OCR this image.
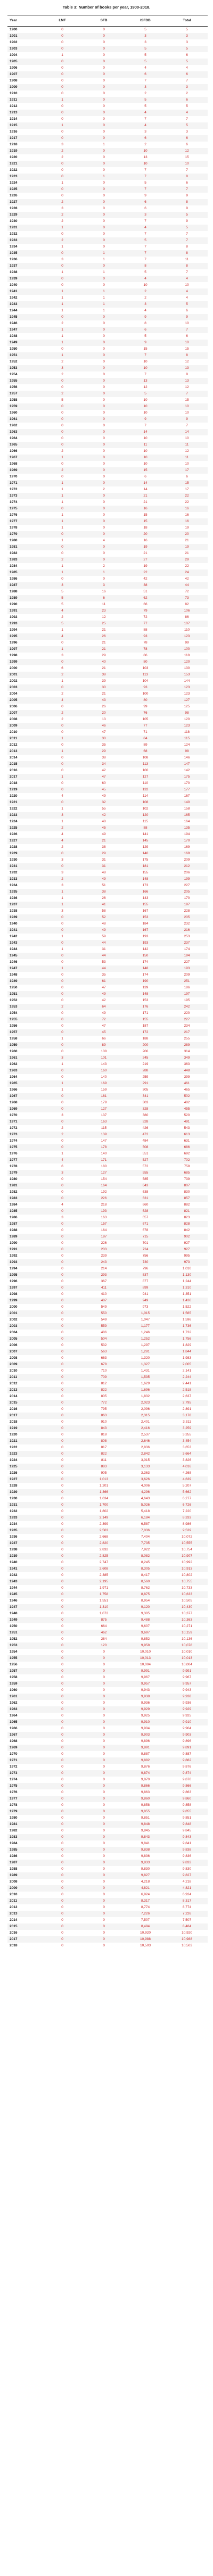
Table 3: Number of books per year, 1900-2018.
Year	LMF	SFB	ISFDB	Total
1900	0	0	5	5
1901	0	0	3	3
1902	0	0	3	3
1903	0	0	5	5
1904	1	0	5	6
1905	0	0	5	5
1906	0	0	4	4
1907	0	0	6	6
1908	0	0	7	7
1909	0	0	3	3
1910	0	0	2	2
1911	1	0	5	6
1912	0	0	5	5
1913	0	0	4	4
1914	0	0	7	7
1915	1	0	4	5
1916	0	0	3	3
1917	0	0	6	6
1918	3	1	2	6
1919	2	0	10	12
1920	2	0	13	15
1921	0	0	10	10
1922	0	0	7	7
1923	0	1	7	8
1924	1	0	5	6
1925	0	0	7	7
1926	0	0	9	9
1927	2	0	6	8
1928	3	0	6	9
1929	2	0	3	5
1930	2	0	7	9
1931	1	0	4	5
1932	0	0	7	7
1933	2	0	5	7
1934	1	0	7	8
1935	0	1	7	8
1936	3	1	7	11
1937	0	0	8	8
1938	1	1	5	7
1939	0	0	4	4
1940	0	0	10	10
1941	1	1	2	4
1942	1	1	2	4
1943	1	1	3	5
1944	1	1	4	6
1945	0	0	9	9
1946	2	0	8	10
1947	1	0	6	7
1948	1	0	5	6
1949	1	0	9	10
1950	0	0	15	15
1951	1	0	7	8
1952	2	0	10	12
1953	3	0	10	13
1954	2	0	7	9
1955	0	0	13	13
1956	0	0	12	12
1957	2	0	5	7
1958	5	0	10	15
1959	0	0	10	10
1960	0	0	10	10
1961	0	0	9	9
1962	0	0	7	7
1963	0	0	14	14
1964	0	0	10	10
1965	0	0	11	11
1966	2	0	10	12
1967	1	0	10	11
1968	0	0	10	10
1969	2	0	15	17
1970	0	0	6	6
1971	1	0	14	15
1972	1	2	14	17
1973	1	0	21	22
1974	1	0	21	22
1975	0	0	16	16
1976	1	0	15	16
1977	1	0	15	16
1978	1	0	18	19
1979	0	0	20	20
1980	1	4	16	21
1981	0	0	19	19
1982	0	0	21	21
1983	2	0	27	29
1984	1	2	19	22
1985	1	1	22	24
1986	0	0	42	42
1987	3	3	38	44
1988	5	16	51	72
1989	5	6	62	73
1990	5	11	66	82
1991	4	23	79	106
1992	2	12	72	86
1993	5	25	77	107
1994	1	21	88	110
1995	4	26	93	123
1996	0	21	78	99
1997	1	21	78	100
1998	3	29	86	118
1999	0	40	80	120
2000	6	21	103	130
2001	2	38	113	153
2002	1	39	104	144
2003	0	30	93	123
2004	2	21	100	123
2005	4	43	80	127
2006	0	26	99	125
2007	2	20	76	98
2008	2	13	105	120
2009	0	46	77	123
2010	0	47	71	118
2011	1	30	84	115
2012	0	35	89	124
2013	1	29	68	98
2014	0	38	108	146
2015	0	34	113	147
2016	0	42	100	142
2017	1	47	127	175
2018	0	60	110	170
1919	0	45	132	177
1920	4	49	114	167
1921	0	32	108	140
1922	1	55	102	158
1923	3	42	120	165
1924	1	48	115	164
1925	2	45	88	135
1926	4	49	141	194
1927	4	21	145	170
1928	2	38	129	169
1929	0	29	140	169
1930	3	31	175	209
1931	0	31	181	212
1932	3	48	155	206
1933	2	49	148	199
1934	3	51	173	227
1935	1	38	166	205
1936	1	26	143	170
1937	1	41	155	197
1938	3	58	167	228
1939	0	52	153	205
1940	0	48	184	232
1941	0	49	167	216
1942	1	59	193	253
1943	0	44	193	237
1944	1	31	142	174
1945	0	44	150	194
1946	0	53	174	227
1947	1	44	148	193
1948	0	35	174	209
1949	0	61	190	251
1950	0	47	139	186
1951	0	49	148	197
1952	0	42	153	195
1953	2	64	176	242
1954	0	49	171	220
1955	0	72	155	227
1956	0	47	187	234
1957	0	45	172	217
1958	1	66	188	255
1959	0	89	200	289
1960	0	108	206	314
1961	3	101	245	349
1962	1	143	219	363
1963	0	160	288	448
1964	0	140	259	399
1965	1	169	291	461
1966	1	159	305	465
1967	0	161	341	502
1968	0	179	303	482
1969	0	127	328	455
1970	3	137	380	520
1971	0	163	328	491
1972	2	115	426	543
1973	2	139	472	613
1974	0	147	484	631
1975	0	178	508	686
1976	1	140	551	692
1977	4	171	527	702
1978	6	180	572	758
1979	3	127	555	685
1980	0	154	585	739
1981	0	164	643	807
1982	0	192	638	830
1983	0	226	631	857
1984	4	218	660	882
1985	0	193	628	821
1986	3	163	657	823
1987	0	157	671	828
1988	0	164	678	842
1989	0	187	715	902
1990	0	226	701	927
1991	0	203	724	927
1992	0	239	756	995
1993	0	243	730	973
1994	0	214	796	1,010
1995	0	293	837	1,130
1996	0	367	877	1,244
1997	0	411	899	1,310
1998	0	410	941	1,351
1999	0	487	949	1,436
2000	0	549	973	1,522
2001	0	550	1,015	1,565
2002	0	549	1,047	1,596
2003	0	559	1,177	1,736
2004	0	486	1,246	1,732
2005	0	504	1,252	1,756
2006	0	532	1,297	1,829
2007	0	563	1,281	1,844
2008	0	663	1,320	1,983
2009	0	678	1,327	2,005
2010	0	710	1,431	2,141
2011	0	709	1,535	2,244
2012	0	812	1,629	2,441
2013	0	822	1,696	2,518
2014	0	805	1,832	2,637
2015	0	772	2,023	2,795
2016	0	795	2,096	2,891
2017	0	863	2,315	3,178
2018	0	910	2,401	3,311
1919	0	843	2,416	3,259
1920	0	818	2,537	3,355
1921	0	808	2,646	3,454
1922	0	817	2,836	3,653
1923	0	822	2,842	3,664
1924	0	811	3,015	3,826
1925	0	883	3,133	4,016
1926	0	905	3,363	4,268
1927	0	1,013	3,626	4,639
1928	0	1,201	4,006	5,207
1929	0	1,366	4,296	5,662
1930	0	1,634	4,643	6,277
1931	0	1,700	5,026	6,726
1932	0	1,802	5,418	7,220
1933	0	2,149	6,184	8,333
1934	0	2,399	6,587	8,986
1935	0	2,503	7,036	9,539
1936	0	2,668	7,404	10,072
1937	0	2,820	7,735	10,555
1938	0	2,832	7,922	10,754
1939	0	2,825	8,082	10,907
1940	0	2,747	8,245	10,992
1941	0	2,608	8,305	10,913
1942	0	2,385	8,417	10,802
1943	0	2,195	8,560	10,755
1944	0	1,971	8,762	10,733
1945	0	1,758	8,875	10,633
1946	0	1,551	8,954	10,505
1947	0	1,310	9,120	10,430
1948	0	1,072	9,305	10,377
1949	0	875	9,488	10,363
1950	0	664	9,607	10,271
1951	0	462	9,697	10,159
1952	0	284	9,852	10,136
1953	0	120	9,958	10,078
1954	0	0	10,010	10,010
1955	0	0	10,013	10,013
1956	0	0	10,004	10,004
1957	0	0	9,991	9,991
1958	0	0	9,967	9,967
1959	0	0	9,957	9,957
1960	0	0	9,943	9,943
1961	0	0	9,938	9,938
1962	0	0	9,936	9,936
1963	0	0	9,929	9,929
1964	0	0	9,925	9,925
1965	0	0	9,910	9,910
1966	0	0	9,904	9,904
1967	0	0	9,903	9,903
1968	0	0	9,896	9,896
1969	0	0	9,891	9,891
1970	0	0	9,887	9,887
1971	0	0	9,882	9,882
1972	0	0	9,876	9,876
1973	0	0	9,874	9,874
1974	0	0	9,870	9,870
1975	0	0	9,866	9,866
1976	0	0	9,863	9,863
1977	0	0	9,860	9,860
1978	0	0	9,858	9,858
1979	0	0	9,855	9,855
1980	0	0	9,851	9,851
1981	0	0	9,848	9,848
1982	0	0	9,845	9,845
1983	0	0	9,843	9,843
1984	0	0	9,841	9,841
1985	0	0	9,838	9,838
1986	0	0	9,836	9,836
1987	0	0	9,833	9,833
1988	0	0	9,830	9,830
1989	0	0	9,827	9,827
2008	0	0	4,218	4,218
2009	0	0	4,821	4,821
2010	0	0	6,924	6,924
2011	0	0	8,317	8,317
2012	0	0	8,774	8,774
2013	0	0	7,226	7,226
2014	0	0	7,507	7,507
2015	0	0	8,484	8,484
2016	0	0	10,920	10,920
2017	0	0	10,988	10,988
2018	0	0	10,503	10,503
